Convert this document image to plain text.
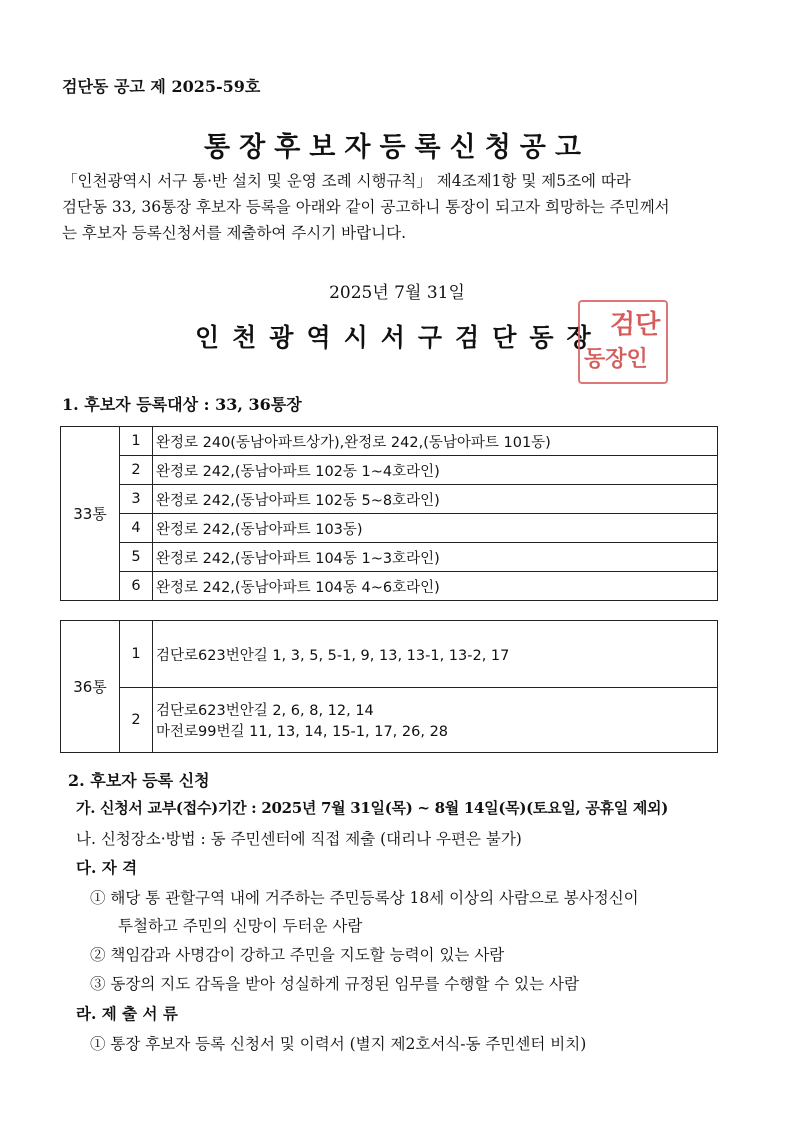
검단동 공고 제 2025-59호
통장후보자등록신청공고
「인천광역시 서구 통·반 설치 및 운영 조례 시행규칙」 제4조제1항 및 제5조에 따라
검단동 33, 36통장 후보자 등록을 아래와 같이 공고하니 통장이 되고자 희망하는 주민께서
는 후보자 등록신청서를 제출하여 주시기 바랍니다.
2025년 7월 31일
인천광역시서구검단동장 검단
동장인
1. 후보자 등록대상 : 33, 36통장
33통	1	완정로 240(동남아파트상가),완정로 242,(동남아파트 101동)
	2	완정로 242,(동남아파트 102동 1~4호라인)
	3	완정로 242,(동남아파트 102동 5~8호라인)
	4	완정로 242,(동남아파트 103동)
	5	완정로 242,(동남아파트 104동 1~3호라인)
	6	완정로 242,(동남아파트 104동 4~6호라인)
36통	1	검단로623번안길 1, 3, 5, 5-1, 9, 13, 13-1, 13-2, 17
	2	검단로623번안길 2, 6, 8, 12, 14
마전로99번길 11, 13, 14, 15-1, 17, 26, 28
2. 후보자 등록 신청
가. 신청서 교부(접수)기간 : 2025년 7월 31일(목) ~ 8월 14일(목)(토요일, 공휴일 제외)
나. 신청장소·방법 : 동 주민센터에 직접 제출 (대리나 우편은 불가)
다. 자 격
① 해당 통 관할구역 내에 거주하는 주민등록상 18세 이상의 사람으로 봉사정신이
투철하고 주민의 신망이 두터운 사람
② 책임감과 사명감이 강하고 주민을 지도할 능력이 있는 사람
③ 동장의 지도 감독을 받아 성실하게 규정된 임무를 수행할 수 있는 사람
라. 제 출 서 류
① 통장 후보자 등록 신청서 및 이력서 (별지 제2호서식-동 주민센터 비치)
